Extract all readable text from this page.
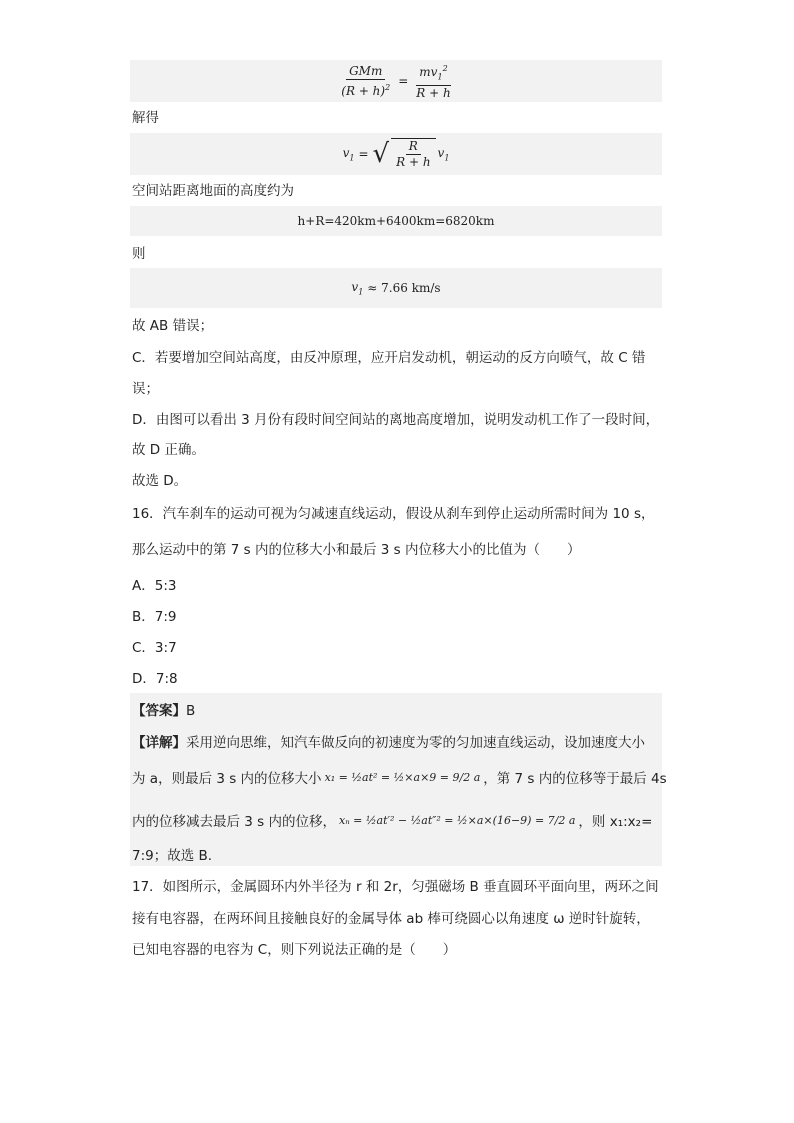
$\frac{\text{GMm}}{(R + h)^2} = \frac{mv_1^2}{R + h}$
解得
$v_1$ = √ $\frac{R}{R + h} v_1$
空间站距离地面的高度约为
h+R=420km+6400km=6820km
则
$v_1 \approx 7.66$ km/s
故 AB 错误；
C．若要增加空间站高度，由反冲原理，应开启发动机，朝运动的反方向喷气，故 C 错
误；
D．由图可以看出 3 月份有段时间空间站的离地高度增加，说明发动机工作了一段时间，
故 D 正确。
故选 D。
16．汽车刹车的运动可视为匀减速直线运动，假设从刹车到停止运动所需时间为 10 s，
那么运动中的第 7 s 内的位移大小和最后 3 s 内位移大小的比值为（　　）
A．5:3
B．7:9
C．3:7
D．7:8
【答案】B
【详解】采用逆向思维，知汽车做反向的初速度为零的匀加速直线运动，设加速度大小
为 a，则最后 3 s 内的位移大小 x₁ = ½at² = ½×a×9 = 9/2 a ，第 7 s 内的位移等于最后 4s
内的位移减去最后 3 s 内的位移， xₙ = ½at′² − ½at″² = ½×a×(16−9) = 7/2 a ，则 x₁:x₂=
7:9；故选 B.
17．如图所示，金属圆环内外半径为 r 和 2r，匀强磁场 B 垂直圆环平面向里，两环之间
接有电容器，在两环间且接触良好的金属导体 ab 棒可绕圆心以角速度 ω 逆时针旋转，
已知电容器的电容为 C，则下列说法正确的是（　　）
